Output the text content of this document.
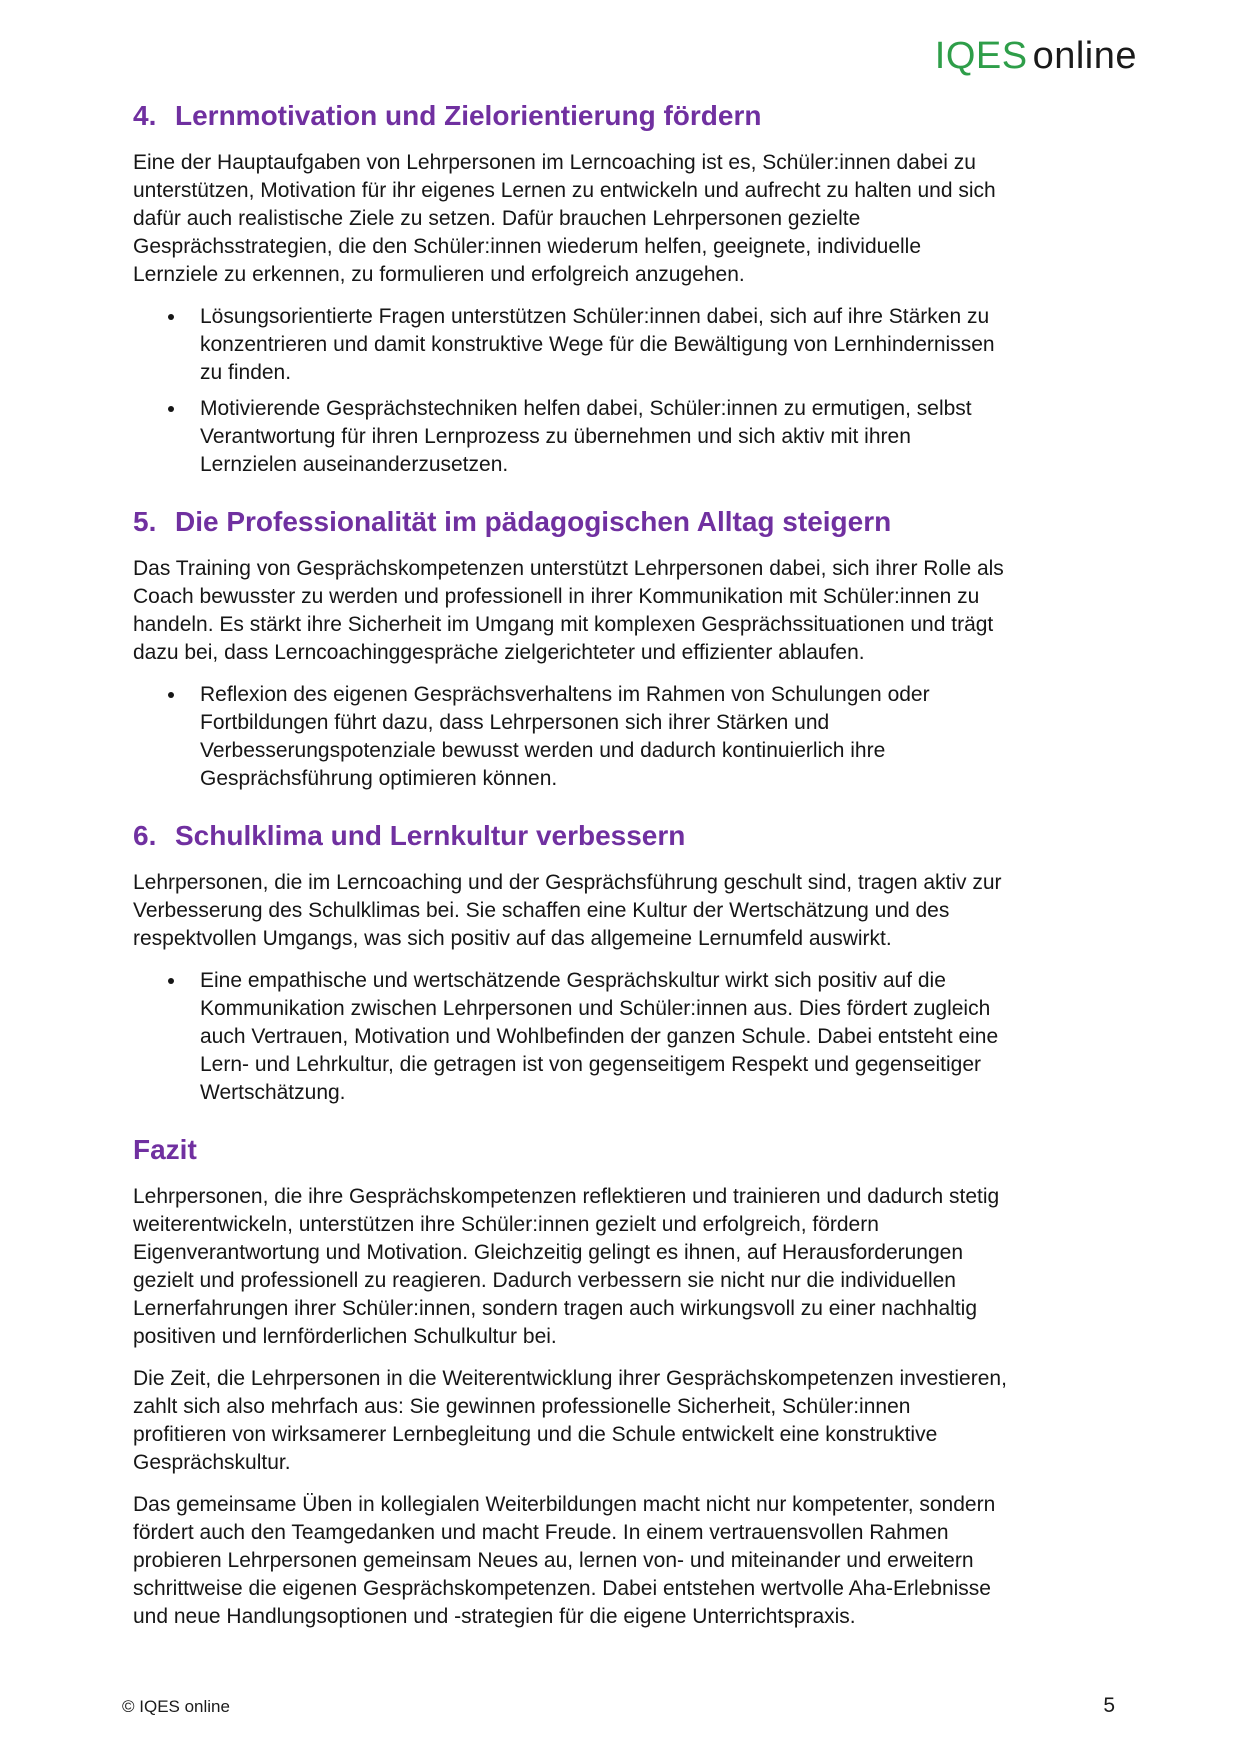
IQES online
4. Lernmotivation und Zielorientierung fördern

Eine der Hauptaufgaben von Lehrpersonen im Lerncoaching ist es, Schüler:innen dabei zu unterstützen, Motivation für ihr eigenes Lernen zu entwickeln und aufrecht zu halten und sich dafür auch realistische Ziele zu setzen. Dafür brauchen Lehrpersonen gezielte Gesprächsstrategien, die den Schüler:innen wiederum helfen, geeignete, individuelle Lernziele zu erkennen, zu formulieren und erfolgreich anzugehen.

Lösungsorientierte Fragen unterstützen Schüler:innen dabei, sich auf ihre Stärken zu konzentrieren und damit konstruktive Wege für die Bewältigung von Lernhindernissen zu finden.
Motivierende Gesprächstechniken helfen dabei, Schüler:innen zu ermutigen, selbst Verantwortung für ihren Lernprozess zu übernehmen und sich aktiv mit ihren Lernzielen auseinanderzusetzen.
5. Die Professionalität im pädagogischen Alltag steigern

Das Training von Gesprächskompetenzen unterstützt Lehrpersonen dabei, sich ihrer Rolle als Coach bewusster zu werden und professionell in ihrer Kommunikation mit Schüler:innen zu handeln. Es stärkt ihre Sicherheit im Umgang mit komplexen Gesprächssituationen und trägt dazu bei, dass Lerncoachinggespräche zielgerichteter und effizienter ablaufen.

Reflexion des eigenen Gesprächsverhaltens im Rahmen von Schulungen oder Fortbildungen führt dazu, dass Lehrpersonen sich ihrer Stärken und Verbesserungspotenziale bewusst werden und dadurch kontinuierlich ihre Gesprächsführung optimieren können.
6. Schulklima und Lernkultur verbessern

Lehrpersonen, die im Lerncoaching und der Gesprächsführung geschult sind, tragen aktiv zur Verbesserung des Schulklimas bei. Sie schaffen eine Kultur der Wertschätzung und des respektvollen Umgangs, was sich positiv auf das allgemeine Lernumfeld auswirkt.

Eine empathische und wertschätzende Gesprächskultur wirkt sich positiv auf die Kommunikation zwischen Lehrpersonen und Schüler:innen aus. Dies fördert zugleich auch Vertrauen, Motivation und Wohlbefinden der ganzen Schule. Dabei entsteht eine Lern- und Lehrkultur, die getragen ist von gegenseitigem Respekt und gegenseitiger Wertschätzung.
Fazit

Lehrpersonen, die ihre Gesprächskompetenzen reflektieren und trainieren und dadurch stetig weiterentwickeln, unterstützen ihre Schüler:innen gezielt und erfolgreich, fördern Eigenverantwortung und Motivation. Gleichzeitig gelingt es ihnen, auf Herausforderungen gezielt und professionell zu reagieren. Dadurch verbessern sie nicht nur die individuellen Lernerfahrungen ihrer Schüler:innen, sondern tragen auch wirkungsvoll zu einer nachhaltig positiven und lernförderlichen Schulkultur bei.

Die Zeit, die Lehrpersonen in die Weiterentwicklung ihrer Gesprächskompetenzen investieren, zahlt sich also mehrfach aus: Sie gewinnen professionelle Sicherheit, Schüler:innen profitieren von wirksamerer Lernbegleitung und die Schule entwickelt eine konstruktive Gesprächskultur.

Das gemeinsame Üben in kollegialen Weiterbildungen macht nicht nur kompetenter, sondern fördert auch den Teamgedanken und macht Freude. In einem vertrauensvollen Rahmen probieren Lehrpersonen gemeinsam Neues au, lernen von- und miteinander und erweitern schrittweise die eigenen Gesprächskompetenzen. Dabei entstehen wertvolle Aha-Erlebnisse und neue Handlungsoptionen und -strategien für die eigene Unterrichtspraxis.

© IQES online	5
